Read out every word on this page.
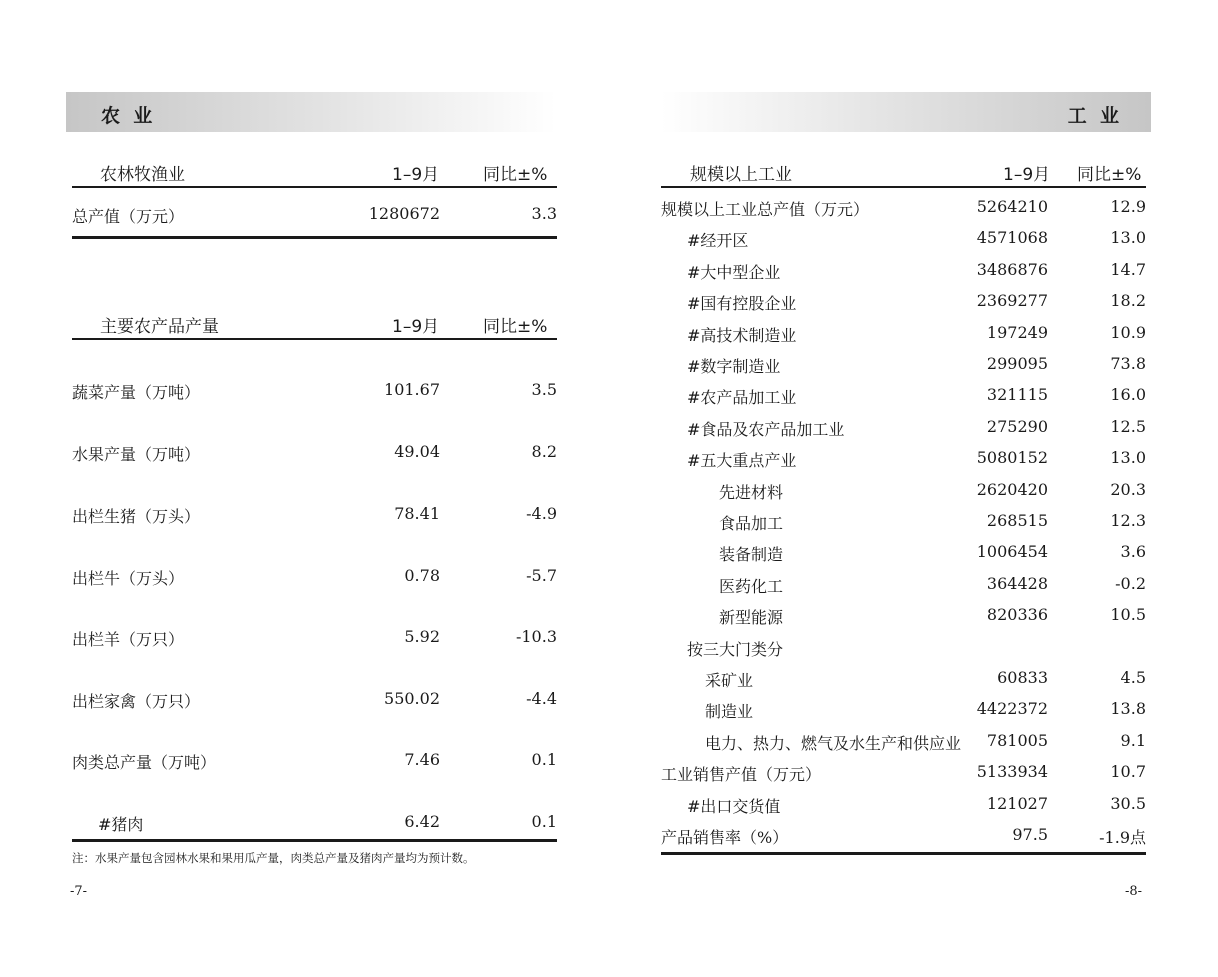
农  业
农林牧渔业	1–9月	同比±%
总产值（万元）	1280672	3.3
主要农产品产量	1–9月	同比±%
蔬菜产量（万吨）	101.67	3.5
水果产量（万吨）	49.04	8.2
出栏生猪（万头）	78.41	-4.9
出栏牛（万头）	0.78	-5.7
出栏羊（万只）	5.92	-10.3
出栏家禽（万只）	550.02	-4.4
肉类总产量（万吨）	7.46	0.1
#猪肉	6.42	0.1
注：水果产量包含园林水果和果用瓜产量，肉类总产量及猪肉产量均为预计数。
-7-
工  业
规模以上工业	1–9月 同比±%
规模以上工业总产值（万元）	5264210	12.9
#经开区	4571068	13.0
#大中型企业	3486876	14.7
#国有控股企业	2369277	18.2
#高技术制造业	197249	10.9
#数字制造业	299095	73.8
#农产品加工业	321115	16.0
#食品及农产品加工业	275290	12.5
#五大重点产业	5080152	13.0
先进材料	2620420	20.3
食品加工	268515	12.3
装备制造	1006454	3.6
医药化工	364428	-0.2
新型能源	820336	10.5
按三大门类分
采矿业	60833	4.5
制造业	4422372	13.8
电力、热力、燃气及水生产和供应业	781005	9.1
工业销售产值（万元）	5133934	10.7
#出口交货值	121027	30.5
产品销售率（%）	97.5	-1.9点
-8-
